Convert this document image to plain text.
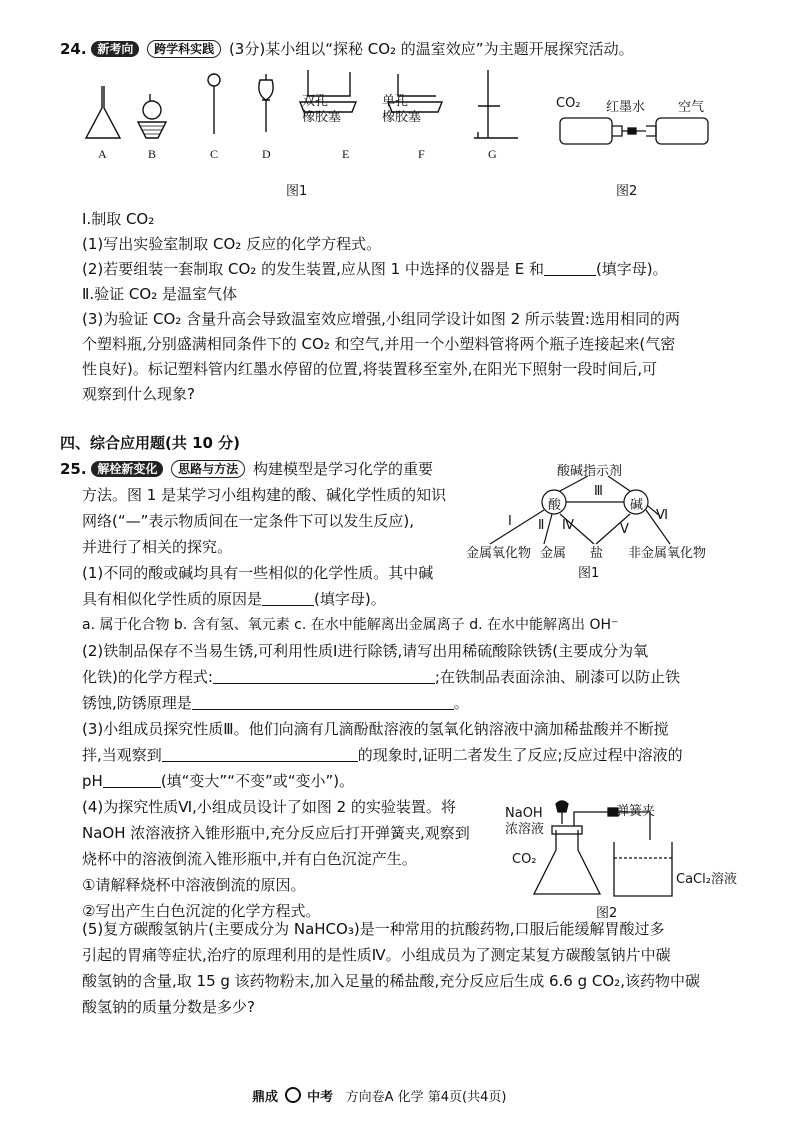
24. 新考向 跨学科实践 (3分)某小组以“探秘 CO₂ 的温室效应”为主题开展探究活动。
A	B	C	D	E	F	G
双孔
橡胶塞
单孔
橡胶塞
图1
CO₂ 红墨水	空气
图2
Ⅰ.制取 CO₂
(1)写出实验室制取 CO₂ 反应的化学方程式。
(2)若要组装一套制取 CO₂ 的发生装置,应从图 1 中选择的仪器是 E 和	(填字母)。
Ⅱ.验证 CO₂ 是温室气体
(3)为验证 CO₂ 含量升高会导致温室效应增强,小组同学设计如图 2 所示装置:选用相同的两
个塑料瓶,分别盛满相同条件下的 CO₂ 和空气,并用一个小塑料管将两个瓶子连接起来(气密
性良好)。标记塑料管内红墨水停留的位置,将装置移至室外,在阳光下照射一段时间后,可
观察到什么现象?
四、综合应用题(共 10 分)
25. 解栓新变化 思路与方法 构建模型是学习化学的重要
方法。图 1 是某学习小组构建的酸、碱化学性质的知识
网络(“—”表示物质间在一定条件下可以发生反应),
并进行了相关的探究。
(1)不同的酸或碱均具有一些相似的化学性质。其中碱
具有相似化学性质的原因是	(填字母)。
酸碱指示剂
酸	碱
Ⅲ
Ⅰ Ⅱ Ⅳ	Ⅴ
Ⅵ
金属氧化物 金属 盐 非金属氧化物
图1
a. 属于化合物 b. 含有氢、氧元素 c. 在水中能解离出金属离子 d. 在水中能解离出 OH⁻
(2)铁制品保存不当易生锈,可利用性质Ⅰ进行除锈,请写出用稀硫酸除铁锈(主要成分为氧
化铁)的化学方程式:	;在铁制品表面涂油、刷漆可以防止铁
锈蚀,防锈原理是	。
(3)小组成员探究性质Ⅲ。他们向滴有几滴酚酞溶液的氢氧化钠溶液中滴加稀盐酸并不断搅
拌,当观察到	的现象时,证明二者发生了反应;反应过程中溶液的
pH	(填“变大”“不变”或“变小”)。
(4)为探究性质Ⅵ,小组成员设计了如图 2 的实验装置。将
NaOH 浓溶液挤入锥形瓶中,充分反应后打开弹簧夹,观察到
烧杯中的溶液倒流入锥形瓶中,并有白色沉淀产生。
①请解释烧杯中溶液倒流的原因。
②写出产生白色沉淀的化学方程式。
NaOH
浓溶液
弹簧夹
CO₂
CaCl₂溶液
图2
(5)复方碳酸氢钠片(主要成分为 NaHCO₃)是一种常用的抗酸药物,口服后能缓解胃酸过多
引起的胃痛等症状,治疗的原理利用的是性质Ⅳ。小组成员为了测定某复方碳酸氢钠片中碳
酸氢钠的含量,取 15 g 该药物粉末,加入足量的稀盐酸,充分反应后生成 6.6 g CO₂,该药物中碳
酸氢钠的质量分数是多少?
鼎成 中考 方向卷A 化学 第4页(共4页)
